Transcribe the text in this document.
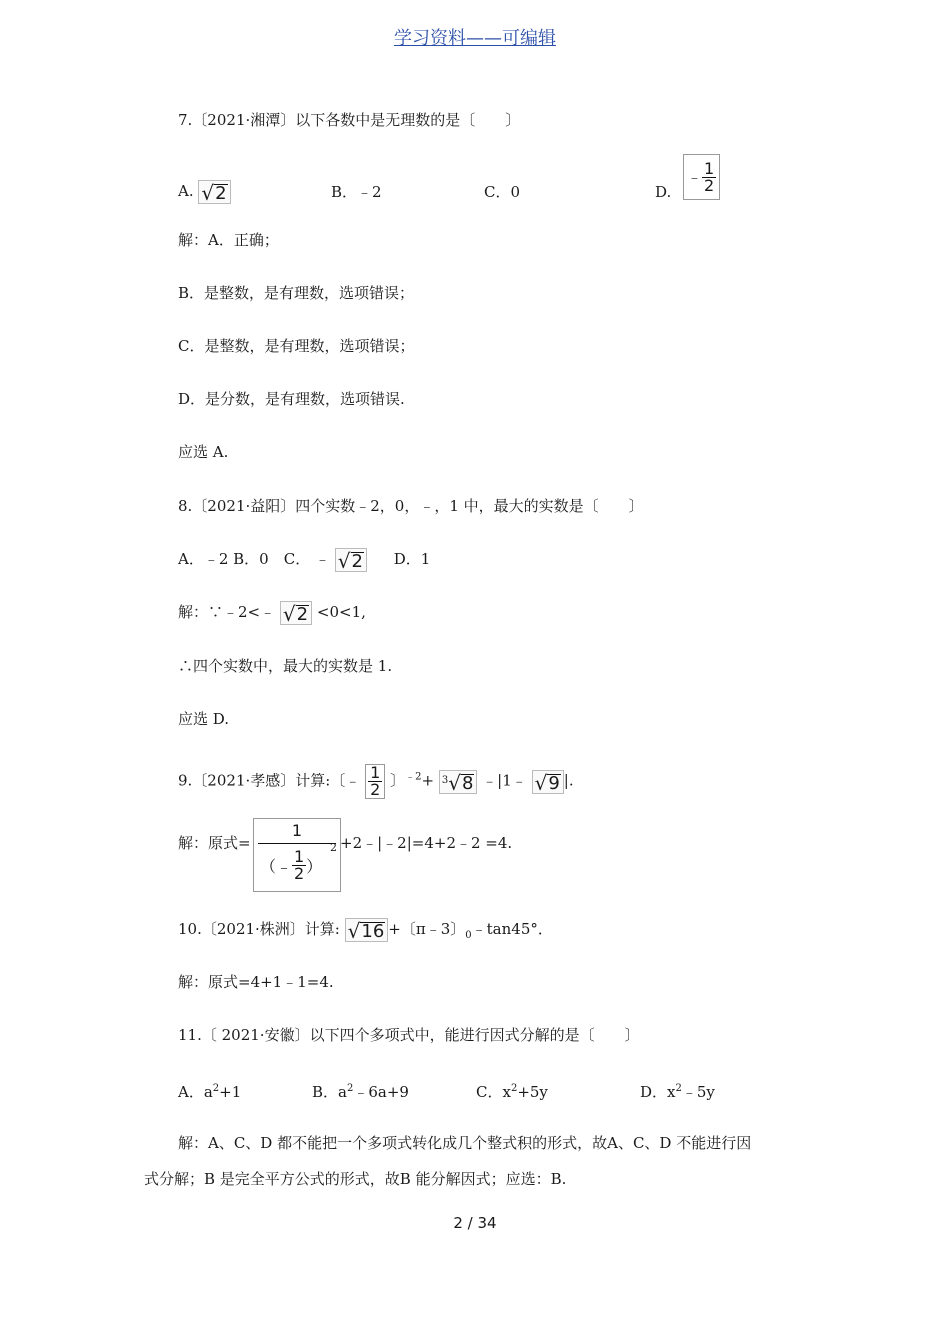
学习资料——可编辑
7.〔2021·湘潭〕以下各数中是无理数的是〔　　〕
A. √ 2	B．﹣2	C．0	D.
﹣ $\frac{1}{2}$
解：A．正确；
B．是整数，是有理数，选项错误；
C．是整数，是有理数，选项错误；
D．是分数，是有理数，选项错误.
应选 A.
8.〔2021·益阳〕四个实数﹣2，0，﹣，1 中，最大的实数是〔　　〕
A．﹣2 B．0　C． ﹣ √ 2 D．1
解：∵﹣2<﹣ √ 2 <0<1,
∴四个实数中，最大的实数是 1.
应选 D.
9.〔2021·孝感〕计算:〔﹣ $\frac{1}{2}$ 〕$^{﹣2}$+ 3 √ 8 ﹣|1﹣ √ 9 |.
解：原式=
1
（﹣ $\frac{1}{2}$ ）
2 +2﹣|﹣2|=4+2﹣2 =4.
10.〔2021·株洲〕计算: √ 16 +〔π﹣3〕$_0$﹣tan45°．
解：原式=4+1﹣1=4.
11.〔 2021·安徽〕以下四个多项式中，能进行因式分解的是〔　　〕
A．$a^2+1$	B．$a^2﹣6a+9$	C．$x^2+5y$	D．$x^2﹣5y$
解：A、C、D 都不能把一个多项式转化成几个整式积的形式，故A、C、D 不能进行因
式分解；B 是完全平方公式的形式，故B 能分解因式；应选：B.
2 / 34
